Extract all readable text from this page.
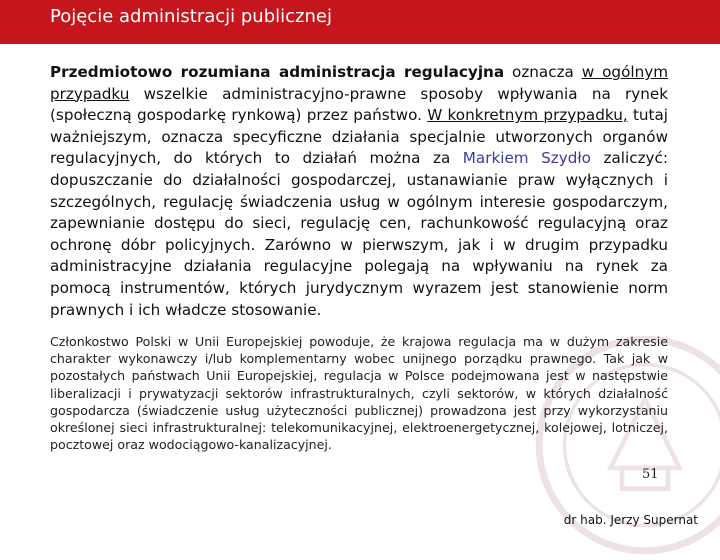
Pojęcie administracji publicznej
Przedmiotowo rozumiana administracja regulacyjna oznacza w ogólnym przypadku wszelkie administracyjno-prawne sposoby wpływania na rynek (społeczną gospodarkę rynkową) przez państwo. W konkretnym przypadku, tutaj ważniejszym, oznacza specyficzne działania specjalnie utworzonych organów regulacyjnych, do których to działań można za Markiem Szydło zaliczyć: dopuszczanie do działalności gospodarczej, ustanawianie praw wyłącznych i szczególnych, regulację świadczenia usług w ogólnym interesie gospodarczym, zapewnianie dostępu do sieci, regulację cen, rachunkowość regulacyjną oraz ochronę dóbr policyjnych. Zarówno w pierwszym, jak i w drugim przypadku administracyjne działania regulacyjne polegają na wpływaniu na rynek za pomocą instrumentów, których jurydycznym wyrazem jest stanowienie norm prawnych i ich władcze stosowanie.
Członkostwo Polski w Unii Europejskiej powoduje, że krajowa regulacja ma w dużym zakresie charakter wykonawczy i/lub komplementarny wobec unijnego porządku prawnego. Tak jak w pozostałych państwach Unii Europejskiej, regulacja w Polsce podejmowana jest w następstwie liberalizacji i prywatyzacji sektorów infrastrukturalnych, czyli sektorów, w których działalność gospodarcza (świadczenie usług użyteczności publicznej) prowadzona jest przy wykorzystaniu określonej sieci infrastrukturalnej: telekomunikacyjnej, elektroenergetycznej, kolejowej, lotniczej, pocztowej oraz wodociągowo-kanalizacyjnej.
51
dr hab. Jerzy Supernat
